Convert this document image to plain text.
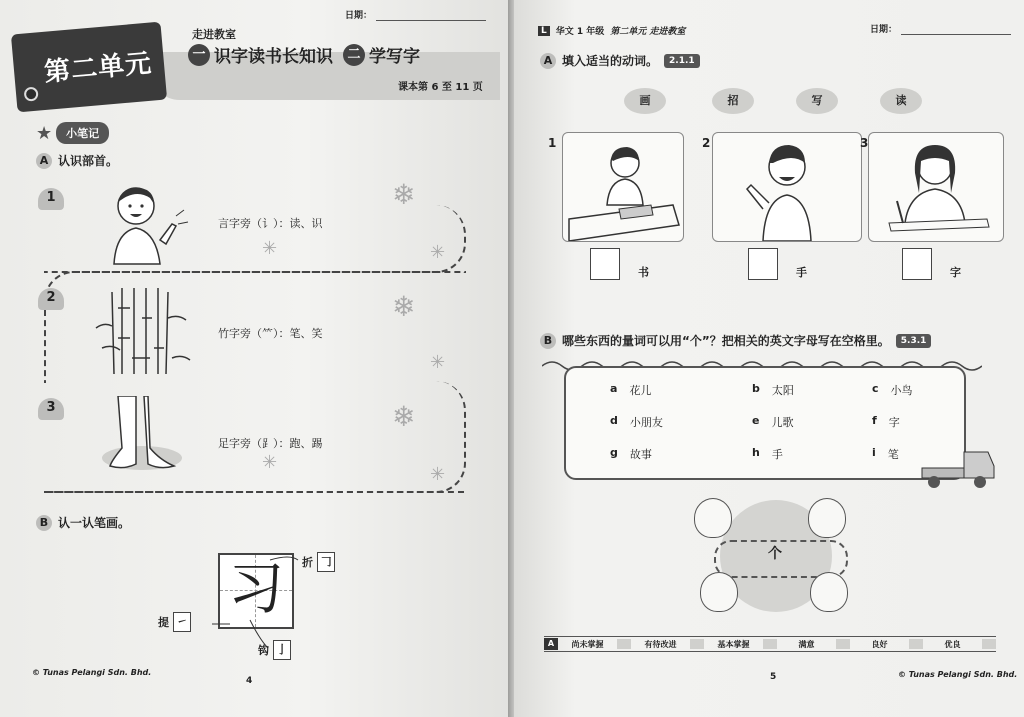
日期：
第二单元
走进教室
一 识字读书长知识	二 学写字
课本第 6 至 11 页
★	小笔记
A 认识部首。
1
2
3
言字旁（讠）：读、识
竹字旁（⺮）：笔、笑
足字旁（⻊）：跑、踢
❄
✳
✳
❄
✳
❄
✳
✳
B 认一认笔画。
习	折 𠃌
提 ㇀
钩 亅
© Tunas Pelangi Sdn. Bhd.
4
L	华文 1 年级 第二单元 走进教室	日期：
A 填入适当的动词。	2.1.1
画	招	写	读
1	2	3
书	手	字
B 哪些东西的量词可以用“个”？把相关的英文字母写在空格里。	5.3.1
a 花儿	b 太阳	c 小鸟
d 小朋友	e 儿歌	f 字
g 故事	h 手	i 笔
个
A	尚未掌握	有待改进	基本掌握	满意	良好	优良
5	© Tunas Pelangi Sdn. Bhd.
